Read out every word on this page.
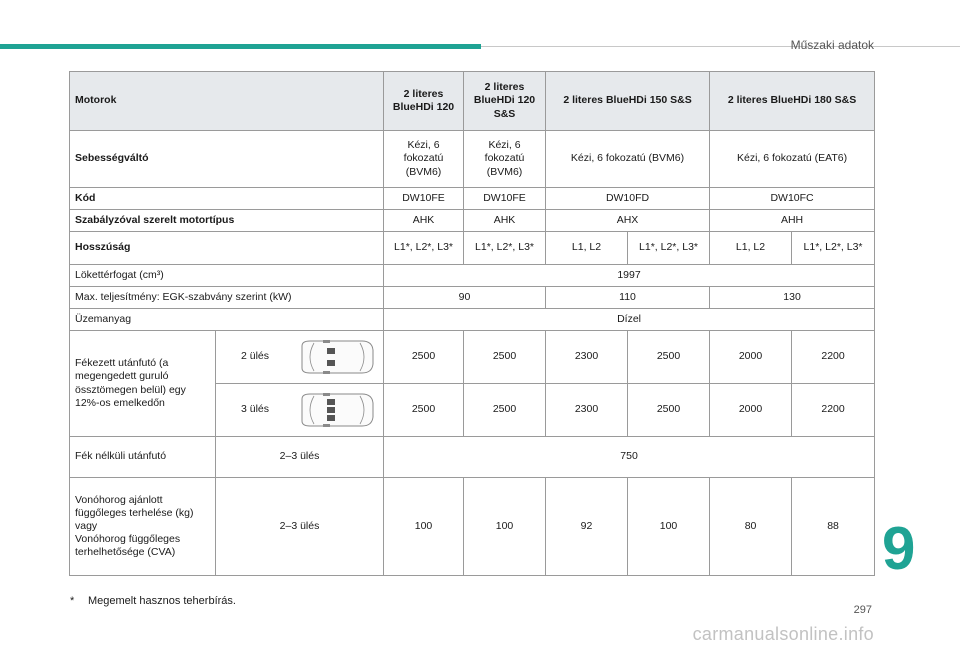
Műszaki adatok
Motorok		2 literes BlueHDi 120	2 literes BlueHDi 120 S&S	2 literes BlueHDi 150 S&S		2 literes BlueHDi 180 S&S	
Sebességváltó		Kézi, 6 fokozatú (BVM6)	Kézi, 6 fokozatú (BVM6)	Kézi, 6 fokozatú (BVM6)		Kézi, 6 fokozatú (EAT6)	
Kód		DW10FE	DW10FE	DW10FD		DW10FC	
Szabályzóval szerelt motortípus		AHK	AHK	AHX		AHH	
Hosszúság		L1*, L2*, L3*	L1*, L2*, L3*	L1, L2	L1*, L2*, L3*	L1, L2	L1*, L2*, L3*
Lökettérfogat (cm³)		1997					
Max. teljesítmény: EGK-szabvány szerint (kW)		90		110		130	
Üzemanyag		Dízel					
Fékezett utánfutó (a megengedett guruló össztömegen belül) egy 12%-os emelkedőn	2 ülés	2500	2500	2300	2500	2000	2200

	3 ülés	2500	2500	2300	2500	2000	2200
Fék nélküli utánfutó	2–3 ülés	750					

Vonóhorog ajánlott függőleges terhelése (kg)
vagy
Vonóhorog függőleges terhelhetősége (CVA)	2–3 ülés	100	100	92	100	80	88
* Megemelt hasznos teherbírás.
9
297
carmanualsonline.info
